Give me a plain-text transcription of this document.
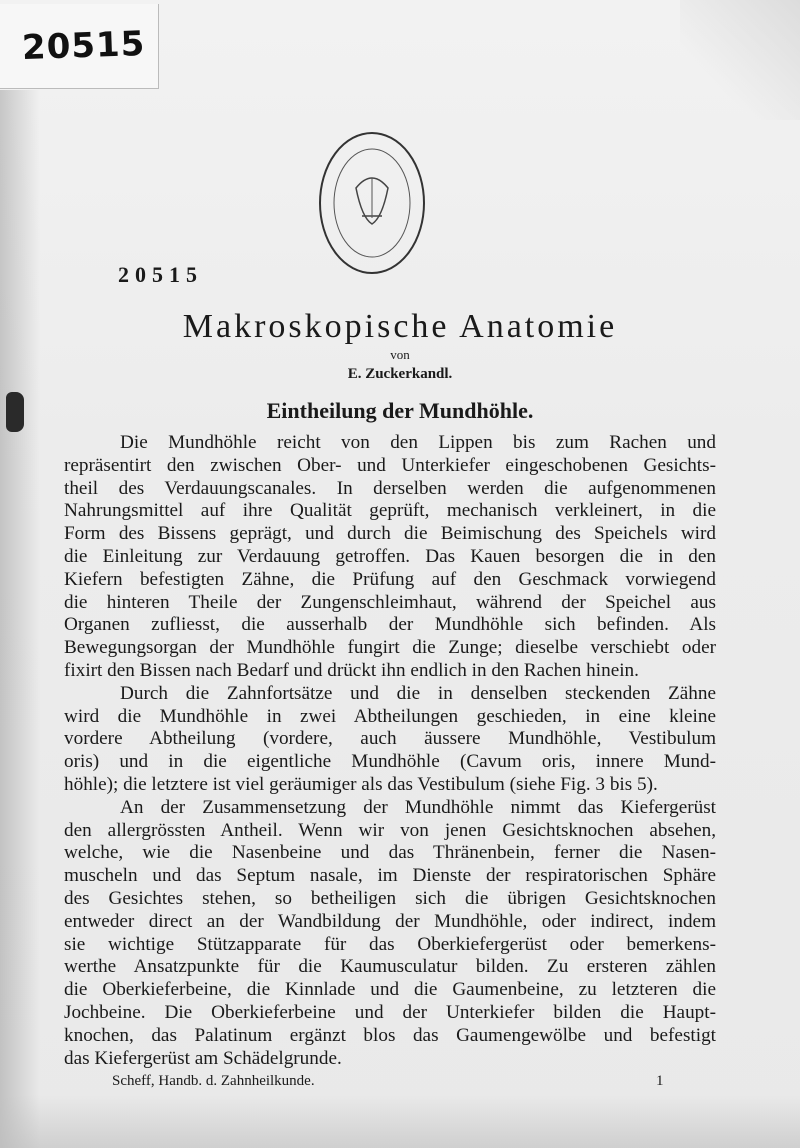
20515
20515
Makroskopische Anatomie
von
E. Zuckerkandl.
Eintheilung der Mundhöhle.

Die Mundhöhle reicht von den Lippen bis zum Rachen und
repräsentirt den zwischen Ober- und Unterkiefer eingeschobenen Gesichts-
theil des Verdauungscanales. In derselben werden die aufgenommenen
Nahrungsmittel auf ihre Qualität geprüft, mechanisch verkleinert, in die
Form des Bissens geprägt, und durch die Beimischung des Speichels wird
die Einleitung zur Verdauung getroffen. Das Kauen besorgen die in den
Kiefern befestigten Zähne, die Prüfung auf den Geschmack vorwiegend
die hinteren Theile der Zungenschleimhaut, während der Speichel aus
Organen zufliesst, die ausserhalb der Mundhöhle sich befinden. Als
Bewegungsorgan der Mundhöhle fungirt die Zunge; dieselbe verschiebt oder
fixirt den Bissen nach Bedarf und drückt ihn endlich in den Rachen hinein.

Durch die Zahnfortsätze und die in denselben steckenden Zähne
wird die Mundhöhle in zwei Abtheilungen geschieden, in eine kleine
vordere Abtheilung (vordere, auch äussere Mundhöhle, Vestibulum
oris) und in die eigentliche Mundhöhle (Cavum oris, innere Mund-
höhle); die letztere ist viel geräumiger als das Vestibulum (siehe Fig. 3 bis 5).

An der Zusammensetzung der Mundhöhle nimmt das Kiefergerüst
den allergrössten Antheil. Wenn wir von jenen Gesichtsknochen absehen,
welche, wie die Nasenbeine und das Thränenbein, ferner die Nasen-
muscheln und das Septum nasale, im Dienste der respiratorischen Sphäre
des Gesichtes stehen, so betheiligen sich die übrigen Gesichtsknochen
entweder direct an der Wandbildung der Mundhöhle, oder indirect, indem
sie wichtige Stützapparate für das Oberkiefergerüst oder bemerkens-
werthe Ansatzpunkte für die Kaumusculatur bilden. Zu ersteren zählen
die Oberkieferbeine, die Kinnlade und die Gaumenbeine, zu letzteren die
Jochbeine. Die Oberkieferbeine und der Unterkiefer bilden die Haupt-
knochen, das Palatinum ergänzt blos das Gaumengewölbe und befestigt
das Kiefergerüst am Schädelgrunde.

Scheff, Handb. d. Zahnheilkunde.	1
